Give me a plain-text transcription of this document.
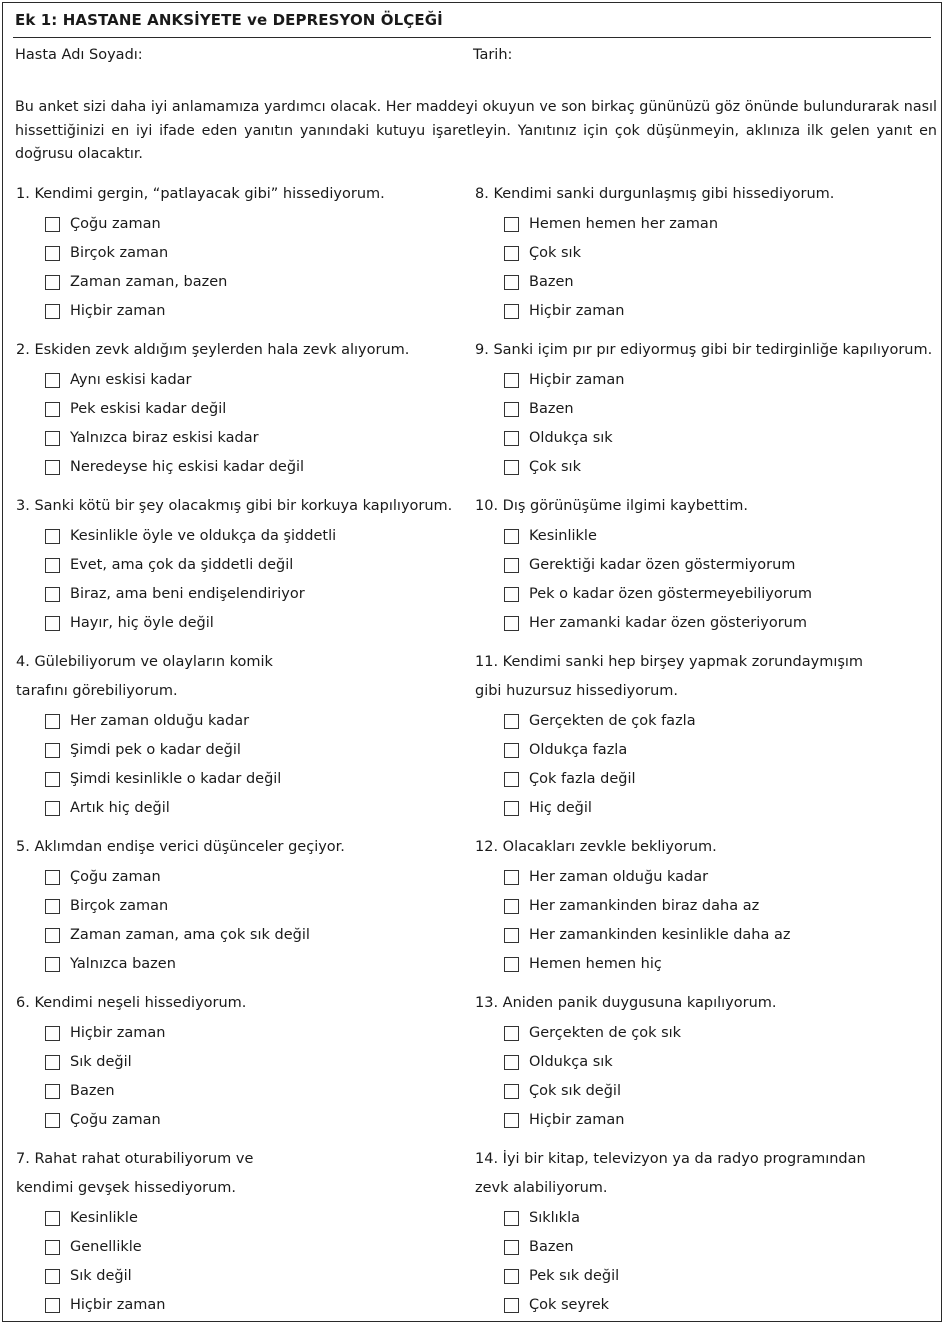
Ek 1: HASTANE ANKSİYETE ve DEPRESYON ÖLÇEĞİ
Hasta Adı Soyadı:	Tarih:
Bu anket sizi daha iyi anlamamıza yardımcı olacak. Her maddeyi okuyun ve son birkaç gününüzü göz önünde bulundurarak nasıl hissettiğinizi en iyi ifade eden yanıtın yanındaki kutuyu işaretleyin. Yanıtınız için çok düşünmeyin, aklınıza ilk gelen yanıt en doğrusu olacaktır.
1. Kendimi gergin, “patlayacak gibi” hissediyorum.
Çoğu zaman
Birçok zaman
Zaman zaman, bazen
Hiçbir zaman
2. Eskiden zevk aldığım şeylerden hala zevk alıyorum.
Aynı eskisi kadar
Pek eskisi kadar değil
Yalnızca biraz eskisi kadar
Neredeyse hiç eskisi kadar değil
3. Sanki kötü bir şey olacakmış gibi bir korkuya kapılıyorum.
Kesinlikle öyle ve oldukça da şiddetli
Evet, ama çok da şiddetli değil
Biraz, ama beni endişelendiriyor
Hayır, hiç öyle değil
4. Gülebiliyorum ve olayların komik
tarafını görebiliyorum.
Her zaman olduğu kadar
Şimdi pek o kadar değil
Şimdi kesinlikle o kadar değil
Artık hiç değil
5. Aklımdan endişe verici düşünceler geçiyor.
Çoğu zaman
Birçok zaman
Zaman zaman, ama çok sık değil
Yalnızca bazen
6. Kendimi neşeli hissediyorum.
Hiçbir zaman
Sık değil
Bazen
Çoğu zaman
7. Rahat rahat oturabiliyorum ve
kendimi gevşek hissediyorum.
Kesinlikle
Genellikle
Sık değil
Hiçbir zaman
8. Kendimi sanki durgunlaşmış gibi hissediyorum.
Hemen hemen her zaman
Çok sık
Bazen
Hiçbir zaman
9. Sanki içim pır pır ediyormuş gibi bir tedirginliğe kapılıyorum.
Hiçbir zaman
Bazen
Oldukça sık
Çok sık
10. Dış görünüşüme ilgimi kaybettim.
Kesinlikle
Gerektiği kadar özen göstermiyorum
Pek o kadar özen göstermeyebiliyorum
Her zamanki kadar özen gösteriyorum
11. Kendimi sanki hep birşey yapmak zorundaymışım
gibi huzursuz hissediyorum.
Gerçekten de çok fazla
Oldukça fazla
Çok fazla değil
Hiç değil
12. Olacakları zevkle bekliyorum.
Her zaman olduğu kadar
Her zamankinden biraz daha az
Her zamankinden kesinlikle daha az
Hemen hemen hiç
13. Aniden panik duygusuna kapılıyorum.
Gerçekten de çok sık
Oldukça sık
Çok sık değil
Hiçbir zaman
14. İyi bir kitap, televizyon ya da radyo programından
zevk alabiliyorum.
Sıklıkla
Bazen
Pek sık değil
Çok seyrek
